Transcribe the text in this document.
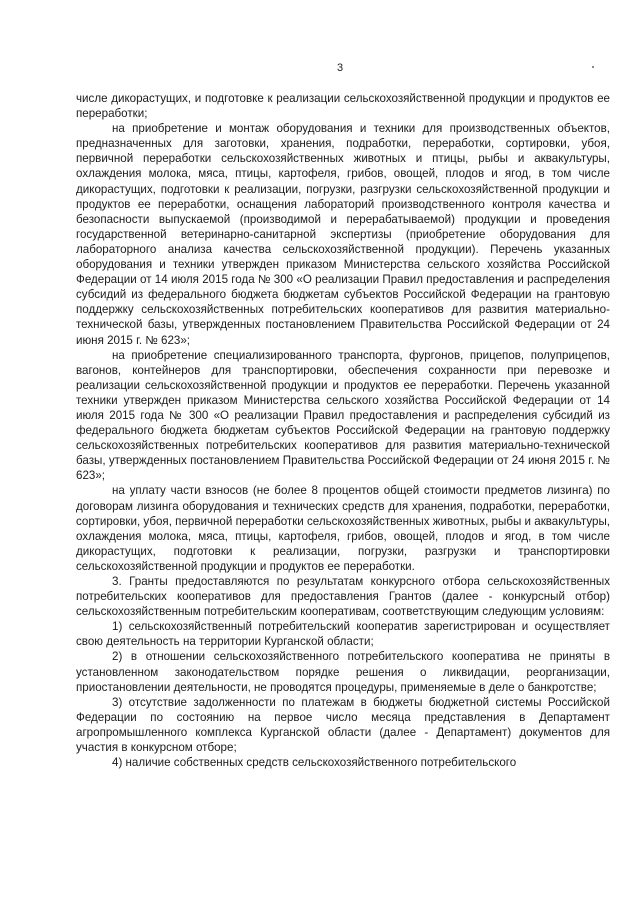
3

числе дикорастущих, и подготовке к реализации сельскохозяйственной продукции и продуктов ее переработки;

на приобретение и монтаж оборудования и техники для производственных объектов, предназначенных для заготовки, хранения, подработки, переработки, сортировки, убоя, первичной переработки сельскохозяйственных животных и птицы, рыбы и аквакультуры, охлаждения молока, мяса, птицы, картофеля, грибов, овощей, плодов и ягод, в том числе дикорастущих, подготовки к реализации, погрузки, разгрузки сельскохозяйственной продукции и продуктов ее переработки, оснащения лабораторий производственного контроля качества и безопасности выпускаемой (производимой и перерабатываемой) продукции и проведения государственной ветеринарно-санитарной экспертизы (приобретение оборудования для лабораторного анализа качества сельскохозяйственной продукции). Перечень указанных оборудования и техники утвержден приказом Министерства сельского хозяйства Российской Федерации от 14 июля 2015 года № 300 «О реализации Правил предоставления и распределения субсидий из федерального бюджета бюджетам субъектов Российской Федерации на грантовую поддержку сельскохозяйственных потребительских кооперативов для развития материально-технической базы, утвержденных постановлением Правительства Российской Федерации от 24 июня 2015 г. № 623»;

на приобретение специализированного транспорта, фургонов, прицепов, полуприцепов, вагонов, контейнеров для транспортировки, обеспечения сохранности при перевозке и реализации сельскохозяйственной продукции и продуктов ее переработки. Перечень указанной техники утвержден приказом Министерства сельского хозяйства Российской Федерации от 14 июля 2015 года № 300 «О реализации Правил предоставления и распределения субсидий из федерального бюджета бюджетам субъектов Российской Федерации на грантовую поддержку сельскохозяйственных потребительских кооперативов для развития материально-технической базы, утвержденных постановлением Правительства Российской Федерации от 24 июня 2015 г. № 623»;

на уплату части взносов (не более 8 процентов общей стоимости предметов лизинга) по договорам лизинга оборудования и технических средств для хранения, подработки, переработки, сортировки, убоя, первичной переработки сельскохозяйственных животных, рыбы и аквакультуры, охлаждения молока, мяса, птицы, картофеля, грибов, овощей, плодов и ягод, в том числе дикорастущих, подготовки к реализации, погрузки, разгрузки и транспортировки сельскохозяйственной продукции и продуктов ее переработки.

3. Гранты предоставляются по результатам конкурсного отбора сельскохозяйственных потребительских кооперативов для предоставления Грантов (далее - конкурсный отбор) сельскохозяйственным потребительским кооперативам, соответствующим следующим условиям:

1) сельскохозяйственный потребительский кооператив зарегистрирован и осуществляет свою деятельность на территории Курганской области;

2) в отношении сельскохозяйственного потребительского кооператива не приняты в установленном законодательством порядке решения о ликвидации, реорганизации, приостановлении деятельности, не проводятся процедуры, применяемые в деле о банкротстве;

3) отсутствие задолженности по платежам в бюджеты бюджетной системы Российской Федерации по состоянию на первое число месяца представления в Департамент агропромышленного комплекса Курганской области (далее - Департамент) документов для участия в конкурсном отборе;

4) наличие собственных средств сельскохозяйственного потребительского
